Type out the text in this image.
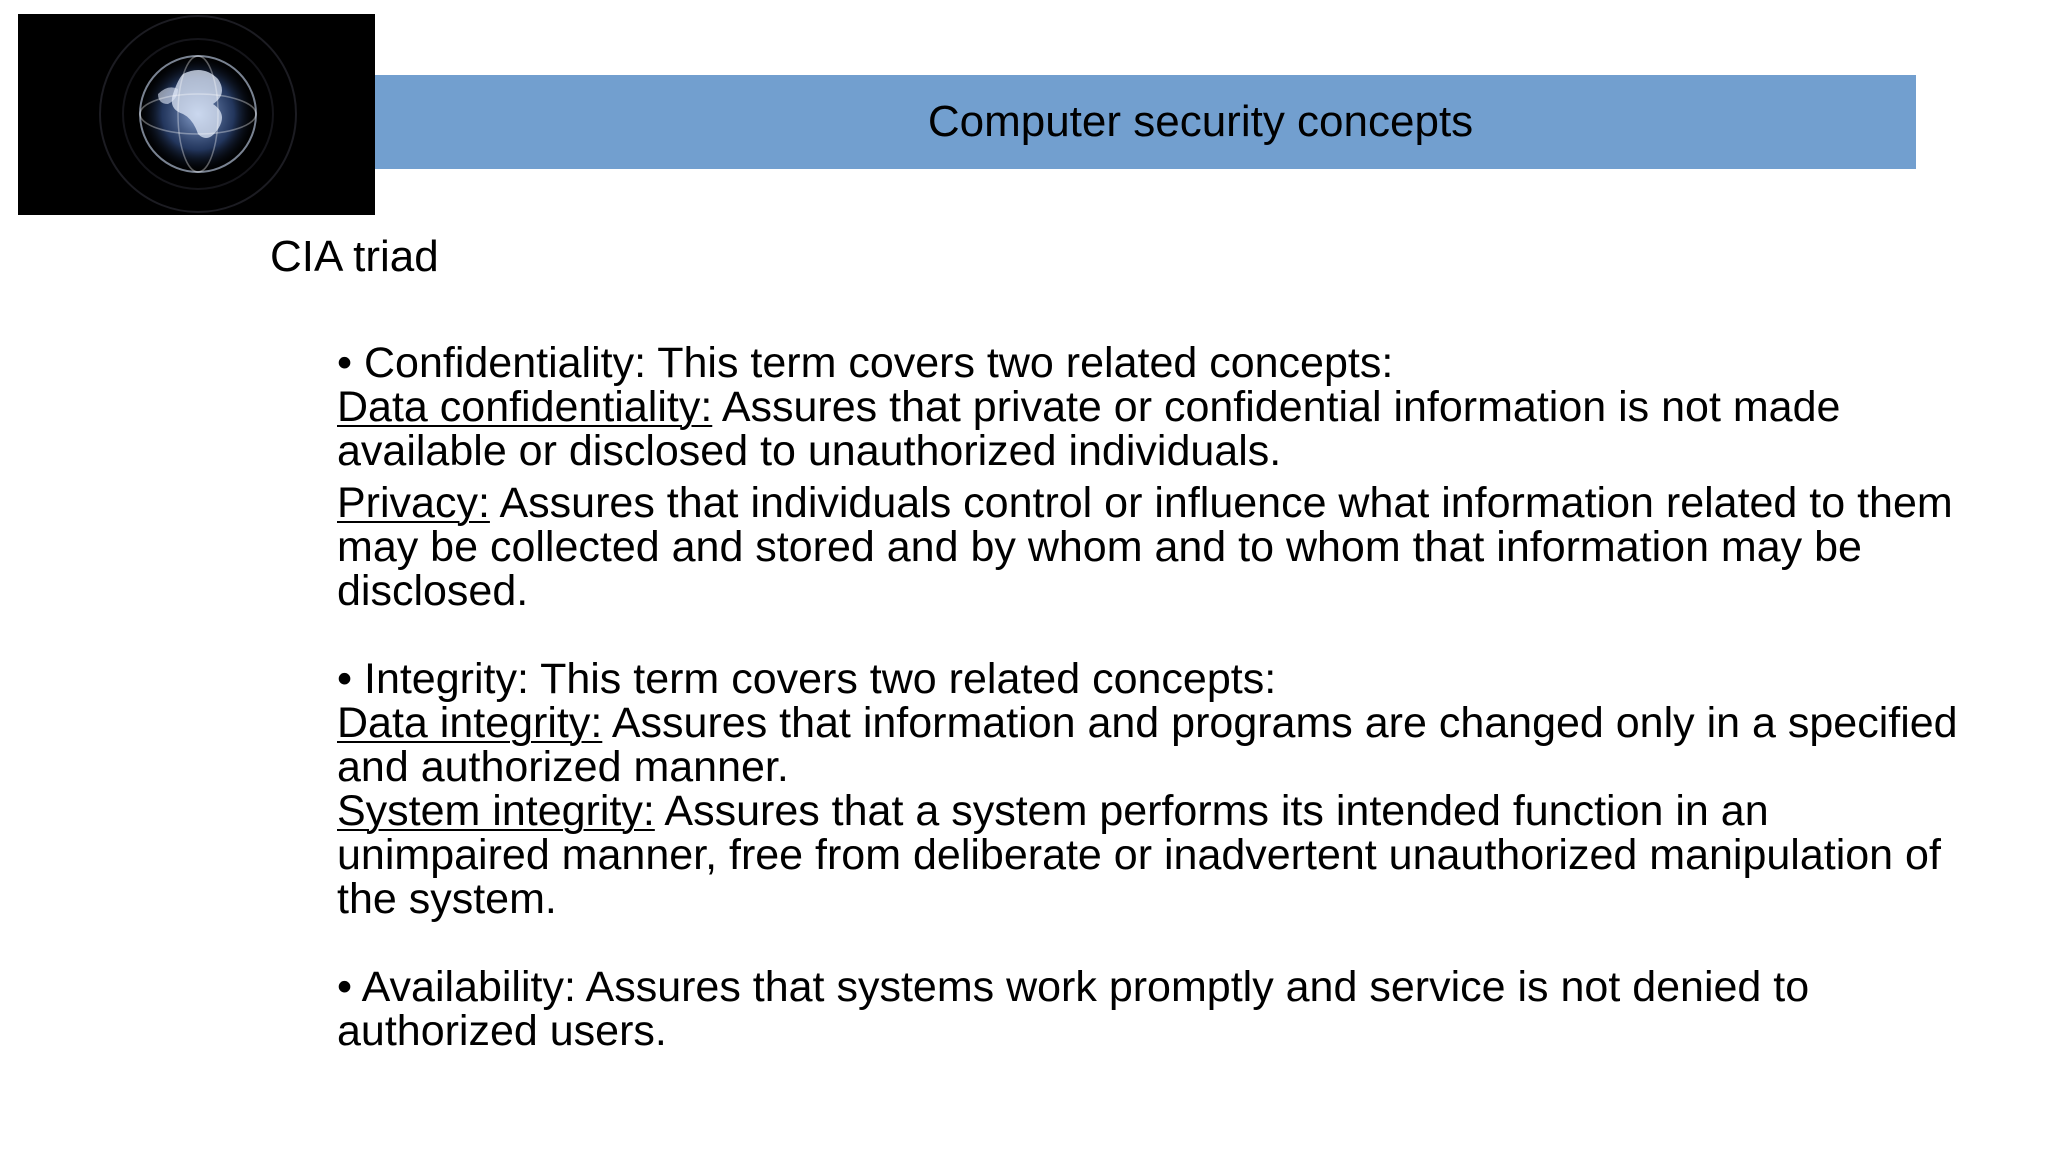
Computer security concepts
CIA triad

• Confidentiality: This term covers two related concepts:

Data confidentiality: Assures that private or confidential information is not made available or disclosed to unauthorized individuals.

Privacy: Assures that individuals control or influence what information related to them may be collected and stored and by whom and to whom that information may be disclosed.

• Integrity: This term covers two related concepts:

Data integrity: Assures that information and programs are changed only in a specified and authorized manner.

System integrity: Assures that a system performs its intended function in an unimpaired manner, free from deliberate or inadvertent unauthorized manipulation of the system.

• Availability: Assures that systems work promptly and service is not denied to authorized users.
